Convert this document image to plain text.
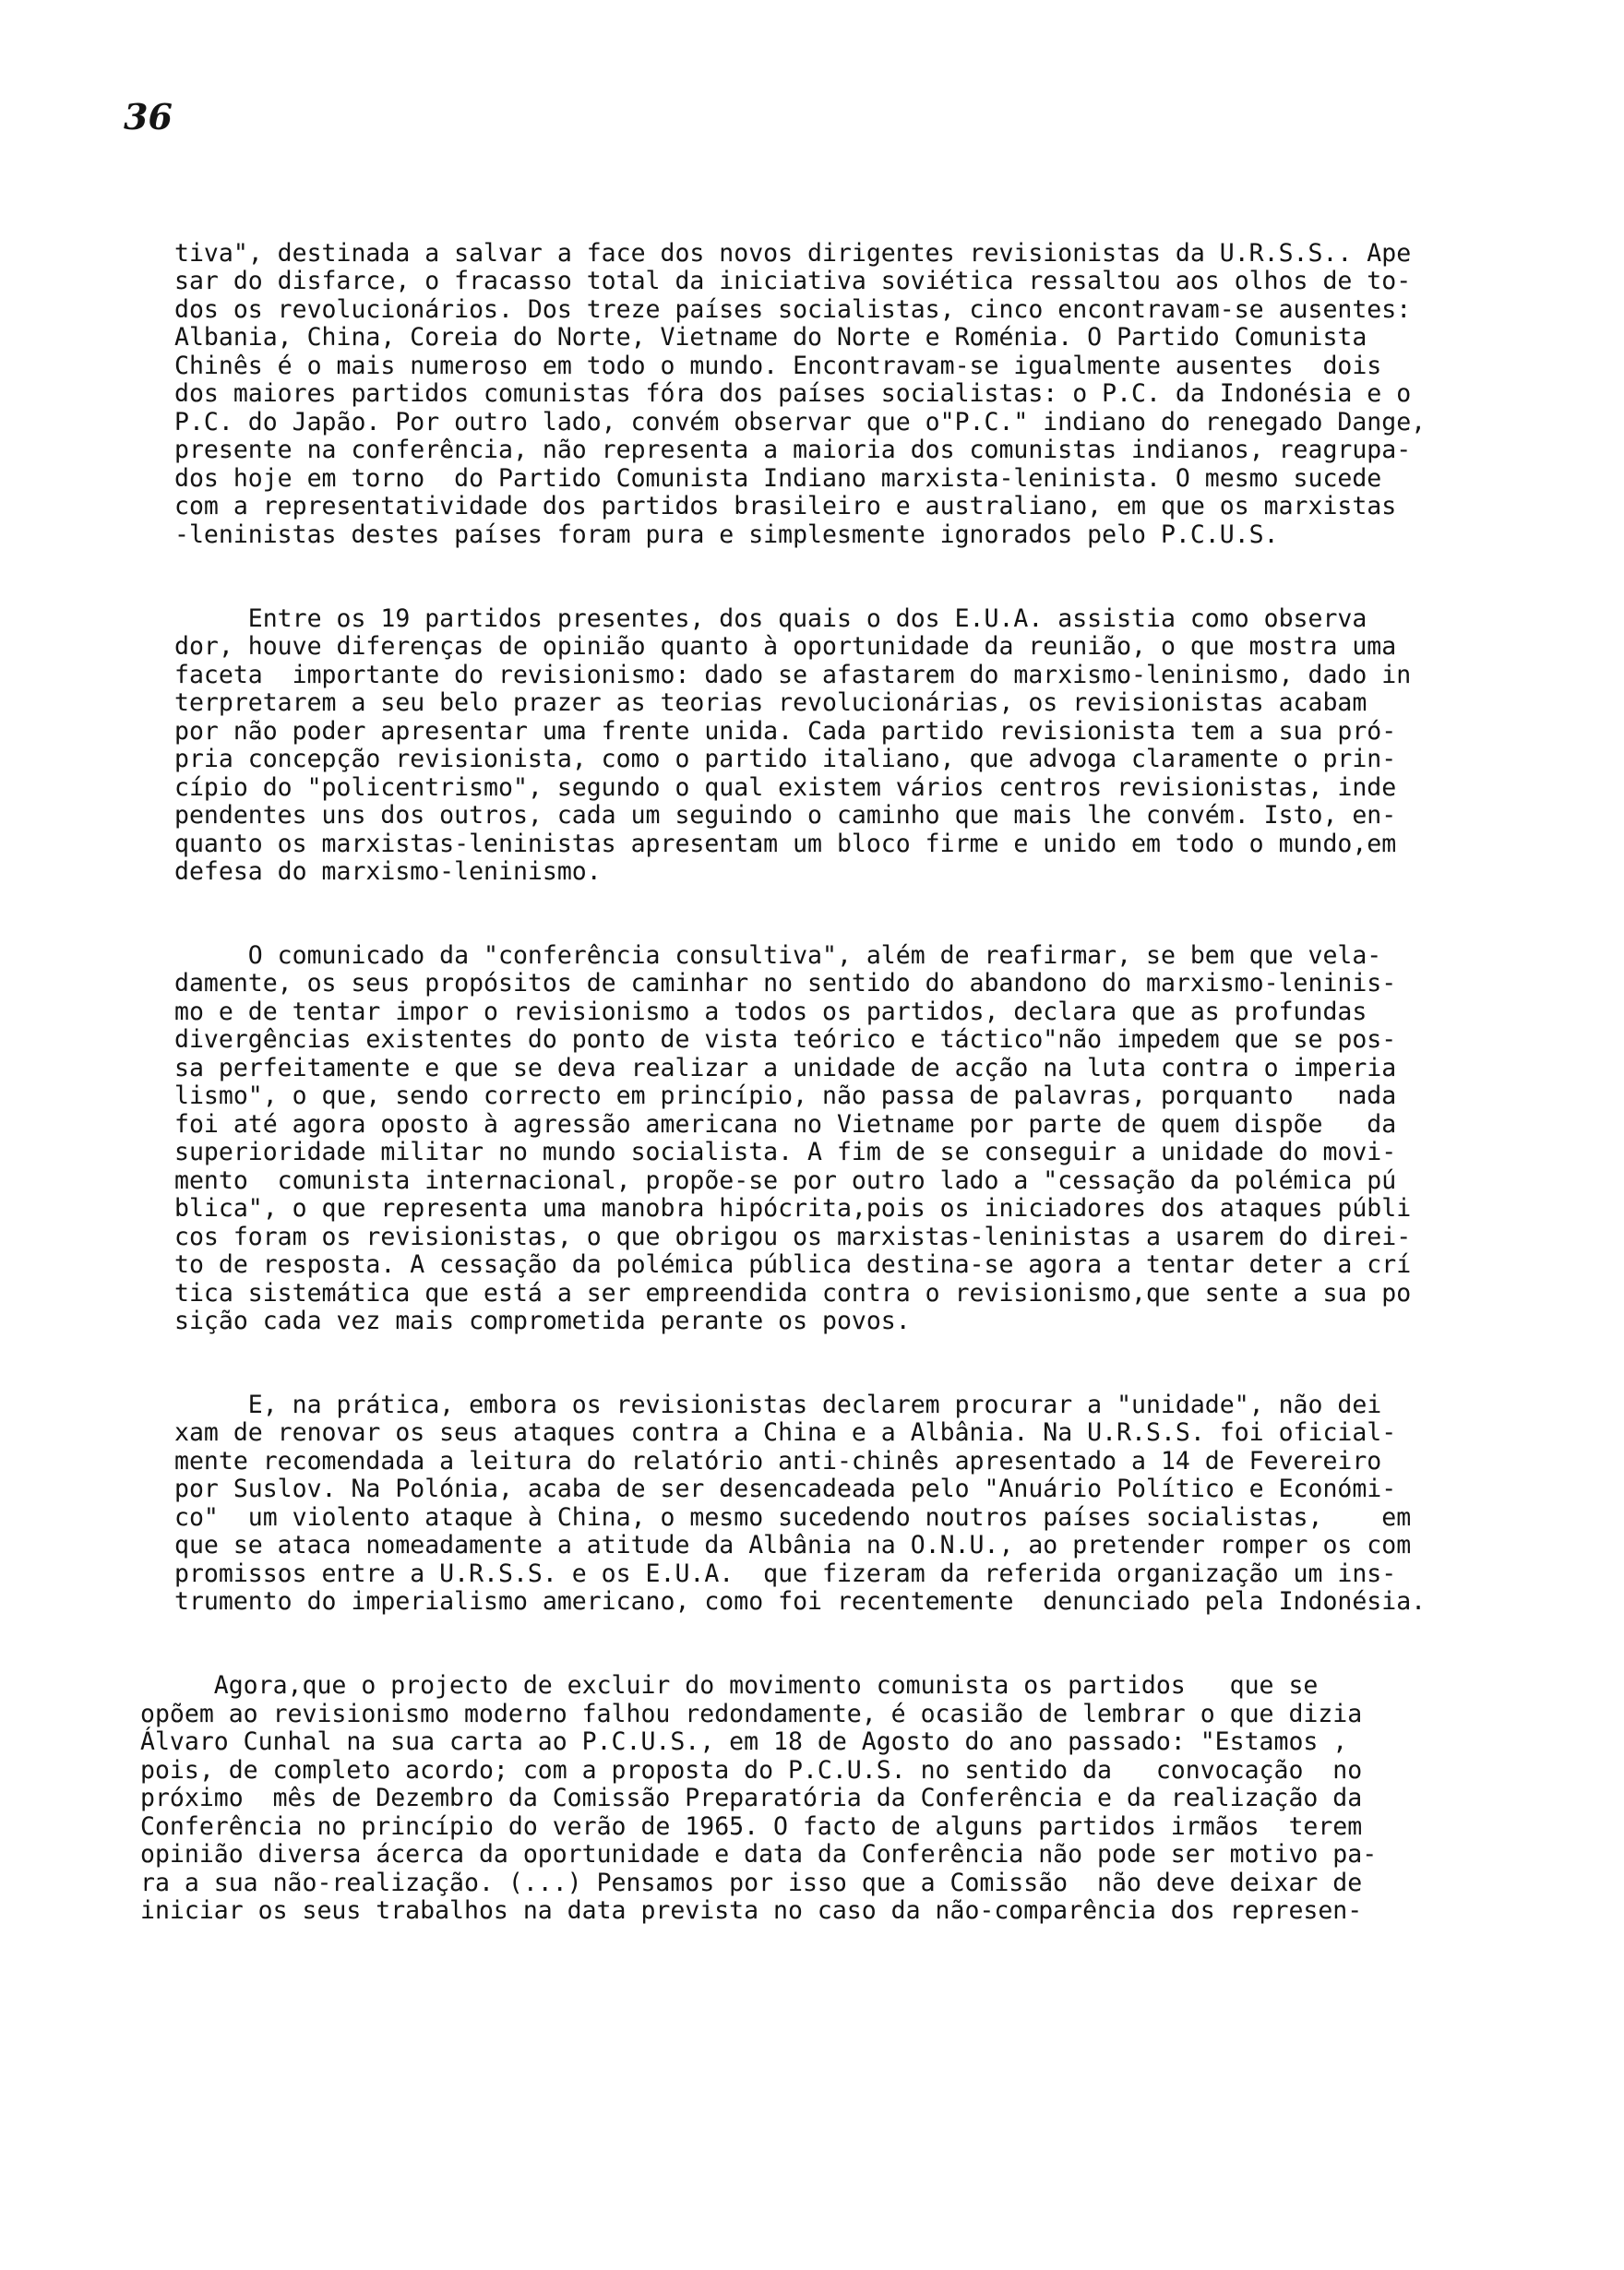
36
tiva", destinada a salvar a face dos novos dirigentes revisionistas da U.R.S.S.. Ape
sar do disfarce, o fracasso total da iniciativa soviética ressaltou aos olhos de to-
dos os revolucionários. Dos treze países socialistas, cinco encontravam-se ausentes:
Albania, China, Coreia do Norte, Vietname do Norte e Roménia. O Partido Comunista
Chinês é o mais numeroso em todo o mundo. Encontravam-se igualmente ausentes  dois
dos maiores partidos comunistas fóra dos países socialistas: o P.C. da Indonésia e o
P.C. do Japão. Por outro lado, convém observar que o"P.C." indiano do renegado Dange,
presente na conferência, não representa a maioria dos comunistas indianos, reagrupa-
dos hoje em torno  do Partido Comunista Indiano marxista-leninista. O mesmo sucede
com a representatividade dos partidos brasileiro e australiano, em que os marxistas
-leninistas destes países foram pura e simplesmente ignorados pelo P.C.U.S.
Entre os 19 partidos presentes, dos quais o dos E.U.A. assistia como observa
dor, houve diferenças de opinião quanto à oportunidade da reunião, o que mostra uma
faceta  importante do revisionismo: dado se afastarem do marxismo-leninismo, dado in
terpretarem a seu belo prazer as teorias revolucionárias, os revisionistas acabam
por não poder apresentar uma frente unida. Cada partido revisionista tem a sua pró-
pria concepção revisionista, como o partido italiano, que advoga claramente o prin-
cípio do "policentrismo", segundo o qual existem vários centros revisionistas, inde
pendentes uns dos outros, cada um seguindo o caminho que mais lhe convém. Isto, en-
quanto os marxistas-leninistas apresentam um bloco firme e unido em todo o mundo,em
defesa do marxismo-leninismo.
O comunicado da "conferência consultiva", além de reafirmar, se bem que vela-
damente, os seus propósitos de caminhar no sentido do abandono do marxismo-leninis-
mo e de tentar impor o revisionismo a todos os partidos, declara que as profundas
divergências existentes do ponto de vista teórico e táctico"não impedem que se pos-
sa perfeitamente e que se deva realizar a unidade de acção na luta contra o imperia
lismo", o que, sendo correcto em princípio, não passa de palavras, porquanto   nada
foi até agora oposto à agressão americana no Vietname por parte de quem dispõe   da
superioridade militar no mundo socialista. A fim de se conseguir a unidade do movi-
mento  comunista internacional, propõe-se por outro lado a "cessação da polémica pú
blica", o que representa uma manobra hipócrita,pois os iniciadores dos ataques públi
cos foram os revisionistas, o que obrigou os marxistas-leninistas a usarem do direi-
to de resposta. A cessação da polémica pública destina-se agora a tentar deter a crí
tica sistemática que está a ser empreendida contra o revisionismo,que sente a sua po
sição cada vez mais comprometida perante os povos.
E, na prática, embora os revisionistas declarem procurar a "unidade", não dei
xam de renovar os seus ataques contra a China e a Albânia. Na U.R.S.S. foi oficial-
mente recomendada a leitura do relatório anti-chinês apresentado a 14 de Fevereiro
por Suslov. Na Polónia, acaba de ser desencadeada pelo "Anuário Político e Económi-
co"  um violento ataque à China, o mesmo sucedendo noutros países socialistas,    em
que se ataca nomeadamente a atitude da Albânia na O.N.U., ao pretender romper os com
promissos entre a U.R.S.S. e os E.U.A.  que fizeram da referida organização um ins-
trumento do imperialismo americano, como foi recentemente  denunciado pela Indonésia.
Agora,que o projecto de excluir do movimento comunista os partidos   que se
opõem ao revisionismo moderno falhou redondamente, é ocasião de lembrar o que dizia
Álvaro Cunhal na sua carta ao P.C.U.S., em 18 de Agosto do ano passado: "Estamos ,
pois, de completo acordo; com a proposta do P.C.U.S. no sentido da   convocação  no
próximo  mês de Dezembro da Comissão Preparatória da Conferência e da realização da
Conferência no princípio do verão de 1965. O facto de alguns partidos irmãos  terem
opinião diversa ácerca da oportunidade e data da Conferência não pode ser motivo pa-
ra a sua não-realização. (...) Pensamos por isso que a Comissão  não deve deixar de
iniciar os seus trabalhos na data prevista no caso da não-comparência dos represen-
